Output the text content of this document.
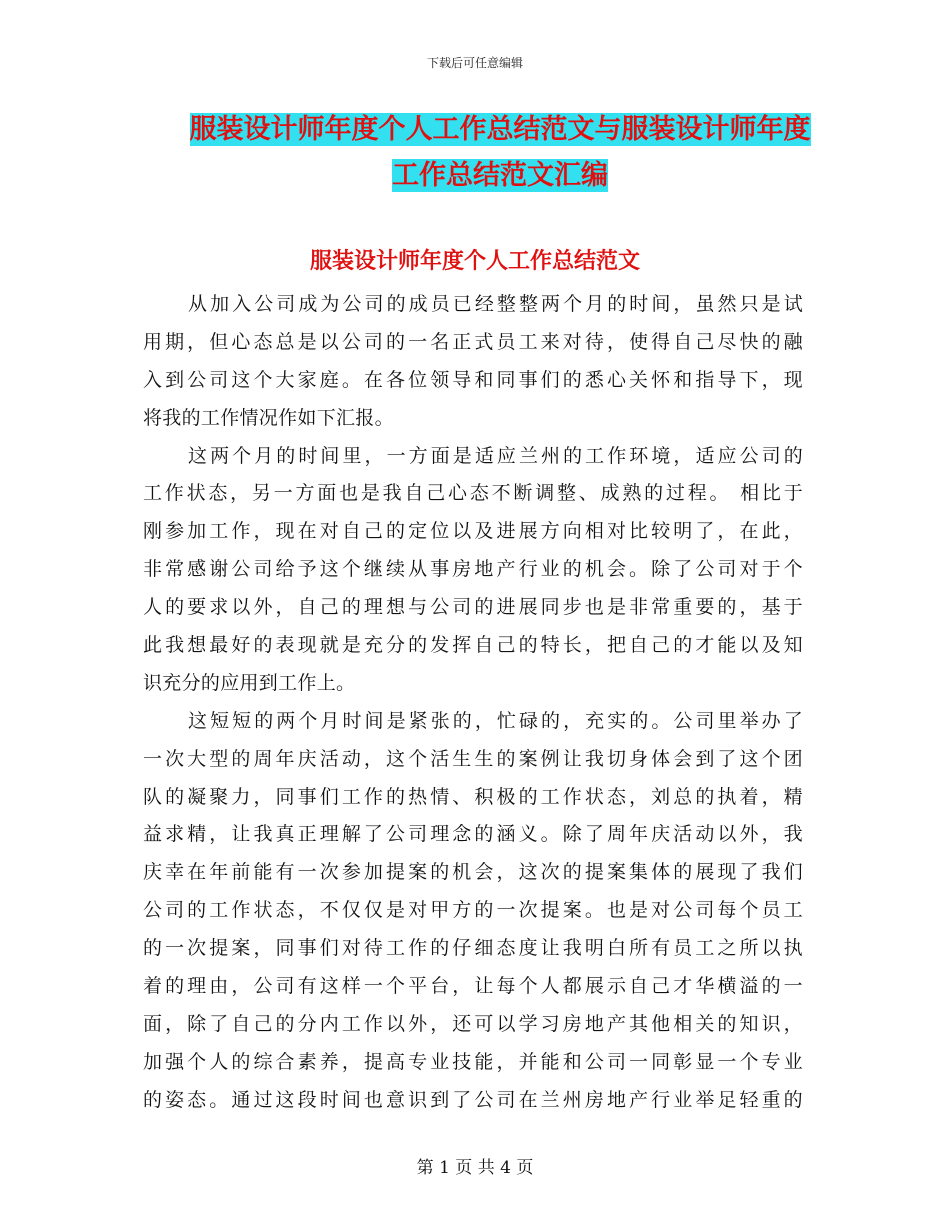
下载后可任意编辑
服装设计师年度个人工作总结范文与服装设计师年度
工作总结范文汇编
服装设计师年度个人工作总结范文
从加入公司成为公司的成员已经整整两个月的时间，虽然只是试
用期，但心态总是以公司的一名正式员工来对待，使得自己尽快的融
入到公司这个大家庭。在各位领导和同事们的悉心关怀和指导下，现
将我的工作情况作如下汇报。
这两个月的时间里，一方面是适应兰州的工作环境，适应公司的
工作状态，另一方面也是我自己心态不断调整、成熟的过程。 相比于
刚参加工作，现在对自己的定位以及进展方向相对比较明了，在此，
非常感谢公司给予这个继续从事房地产行业的机会。除了公司对于个
人的要求以外，自己的理想与公司的进展同步也是非常重要的，基于
此我想最好的表现就是充分的发挥自己的特长，把自己的才能以及知
识充分的应用到工作上。
这短短的两个月时间是紧张的，忙碌的，充实的。公司里举办了
一次大型的周年庆活动，这个活生生的案例让我切身体会到了这个团
队的凝聚力，同事们工作的热情、积极的工作状态，刘总的执着，精
益求精，让我真正理解了公司理念的涵义。除了周年庆活动以外，我
庆幸在年前能有一次参加提案的机会，这次的提案集体的展现了我们
公司的工作状态，不仅仅是对甲方的一次提案。也是对公司每个员工
的一次提案，同事们对待工作的仔细态度让我明白所有员工之所以执
着的理由，公司有这样一个平台，让每个人都展示自己才华横溢的一
面，除了自己的分内工作以外，还可以学习房地产其他相关的知识，
加强个人的综合素养，提高专业技能，并能和公司一同彰显一个专业
的姿态。通过这段时间也意识到了公司在兰州房地产行业举足轻重的
第 1 页 共 4 页
